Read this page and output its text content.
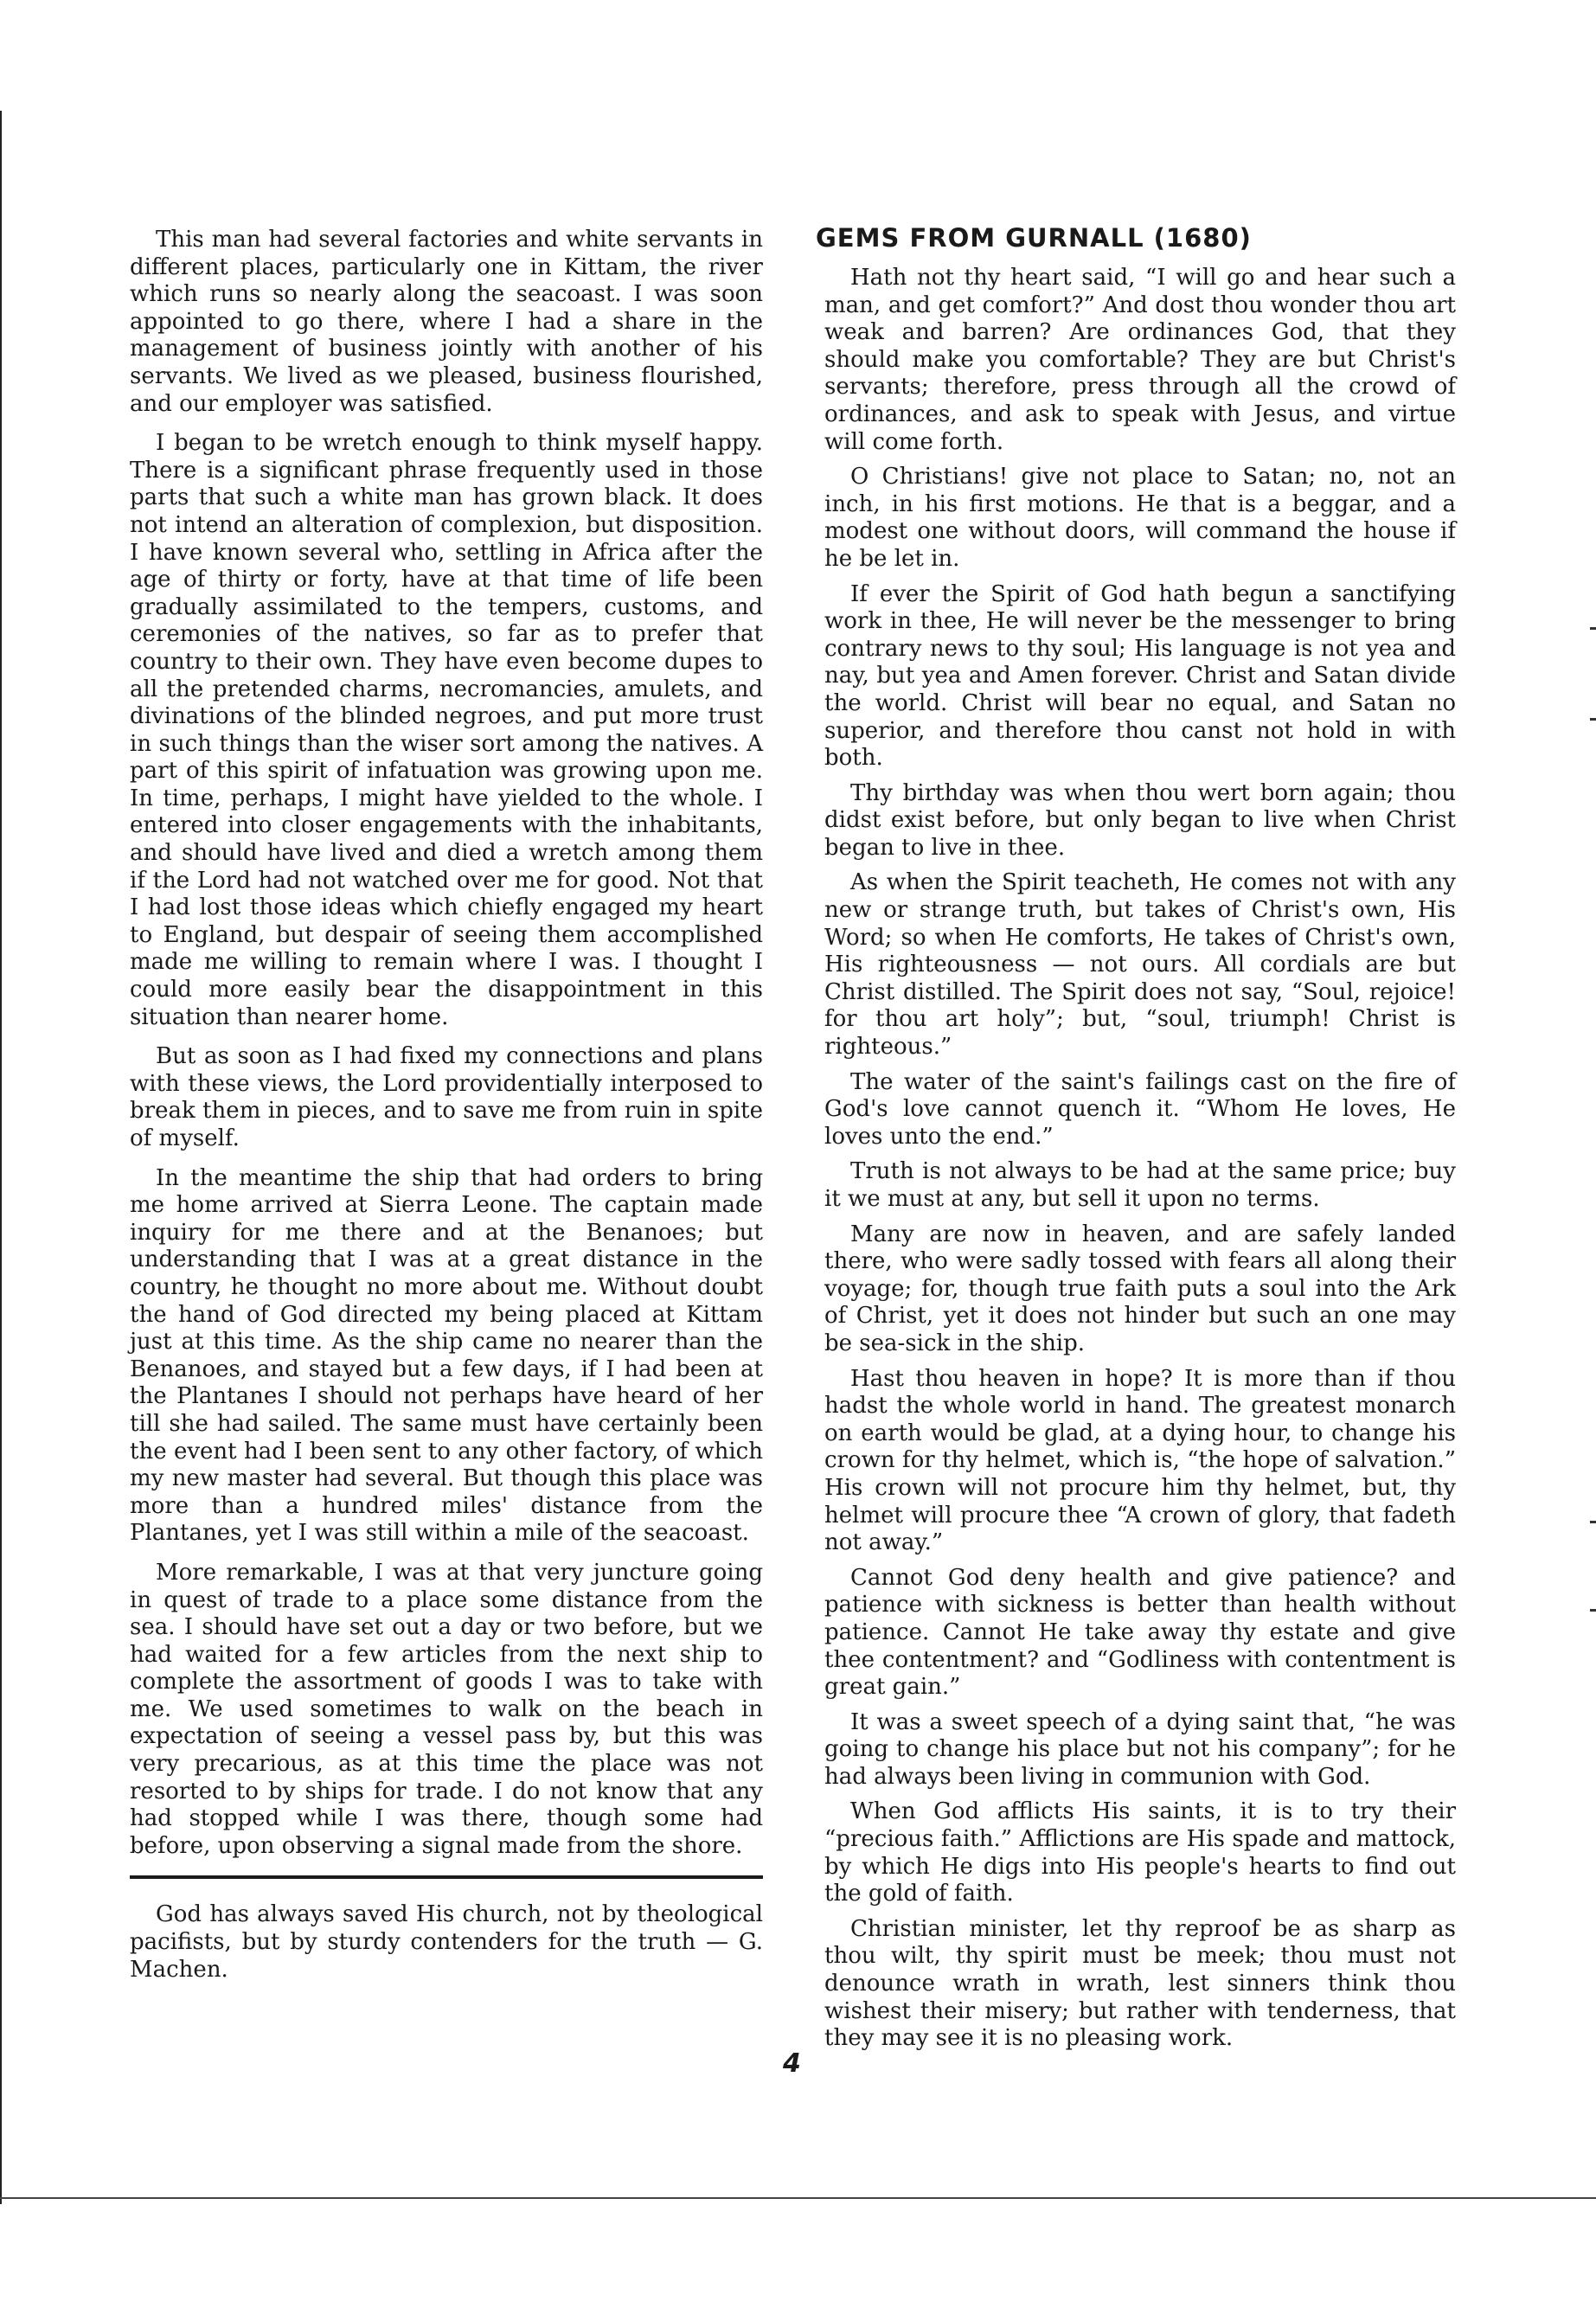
This man had several factories and white servants in different places, particularly one in Kittam, the river which runs so nearly along the seacoast. I was soon appointed to go there, where I had a share in the management of business jointly with another of his servants. We lived as we pleased, business flourished, and our employer was satisfied.

I began to be wretch enough to think myself happy. There is a significant phrase frequently used in those parts that such a white man has grown black. It does not intend an alteration of complexion, but disposition. I have known several who, settling in Africa after the age of thirty or forty, have at that time of life been gradually assimilated to the tempers, customs, and ceremonies of the natives, so far as to prefer that country to their own. They have even become dupes to all the pretended charms, necromancies, amulets, and divinations of the blinded negroes, and put more trust in such things than the wiser sort among the natives. A part of this spirit of infatuation was growing upon me. In time, perhaps, I might have yielded to the whole. I entered into closer engagements with the inhabitants, and should have lived and died a wretch among them if the Lord had not watched over me for good. Not that I had lost those ideas which chiefly engaged my heart to England, but despair of seeing them accomplished made me willing to remain where I was. I thought I could more easily bear the disappointment in this situation than nearer home.

But as soon as I had fixed my connections and plans with these views, the Lord providentially interposed to break them in pieces, and to save me from ruin in spite of myself.

In the meantime the ship that had orders to bring me home arrived at Sierra Leone. The captain made inquiry for me there and at the Benanoes; but understanding that I was at a great distance in the country, he thought no more about me. Without doubt the hand of God directed my being placed at Kittam just at this time. As the ship came no nearer than the Benanoes, and stayed but a few days, if I had been at the Plantanes I should not perhaps have heard of her till she had sailed. The same must have certainly been the event had I been sent to any other factory, of which my new master had several. But though this place was more than a hundred miles' distance from the Plantanes, yet I was still within a mile of the seacoast.

More remarkable, I was at that very juncture going in quest of trade to a place some distance from the sea. I should have set out a day or two before, but we had waited for a few articles from the next ship to complete the assortment of goods I was to take with me. We used sometimes to walk on the beach in expectation of seeing a vessel pass by, but this was very precarious, as at this time the place was not resorted to by ships for trade. I do not know that any had stopped while I was there, though some had before, upon observing a signal made from the shore.

God has always saved His church, not by theological pacifists, but by sturdy contenders for the truth — G. Machen.

GEMS FROM GURNALL (1680)

Hath not thy heart said, “I will go and hear such a man, and get comfort?” And dost thou wonder thou art weak and barren? Are ordinances God, that they should make you comfortable? They are but Christ's servants; therefore, press through all the crowd of ordinances, and ask to speak with Jesus, and virtue will come forth.

O Christians! give not place to Satan; no, not an inch, in his first motions. He that is a beggar, and a modest one without doors, will command the house if he be let in.

If ever the Spirit of God hath begun a sanctifying work in thee, He will never be the messenger to bring contrary news to thy soul; His language is not yea and nay, but yea and Amen forever. Christ and Satan divide the world. Christ will bear no equal, and Satan no superior, and therefore thou canst not hold in with both.

Thy birthday was when thou wert born again; thou didst exist before, but only began to live when Christ began to live in thee.

As when the Spirit teacheth, He comes not with any new or strange truth, but takes of Christ's own, His Word; so when He comforts, He takes of Christ's own, His righteousness — not ours. All cordials are but Christ distilled. The Spirit does not say, “Soul, rejoice! for thou art holy”; but, “soul, triumph! Christ is righteous.”

The water of the saint's failings cast on the fire of God's love cannot quench it. “Whom He loves, He loves unto the end.”

Truth is not always to be had at the same price; buy it we must at any, but sell it upon no terms.

Many are now in heaven, and are safely landed there, who were sadly tossed with fears all along their voyage; for, though true faith puts a soul into the Ark of Christ, yet it does not hinder but such an one may be sea-sick in the ship.

Hast thou heaven in hope? It is more than if thou hadst the whole world in hand. The greatest monarch on earth would be glad, at a dying hour, to change his crown for thy helmet, which is, “the hope of salvation.” His crown will not procure him thy helmet, but, thy helmet will procure thee “A crown of glory, that fadeth not away.”

Cannot God deny health and give patience? and patience with sickness is better than health without patience. Cannot He take away thy estate and give thee contentment? and “Godliness with contentment is great gain.”

It was a sweet speech of a dying saint that, “he was going to change his place but not his company”; for he had always been living in communion with God.

When God afflicts His saints, it is to try their “precious faith.” Afflictions are His spade and mattock, by which He digs into His people's hearts to find out the gold of faith.

Christian minister, let thy reproof be as sharp as thou wilt, thy spirit must be meek; thou must not denounce wrath in wrath, lest sinners think thou wishest their misery; but rather with tenderness, that they may see it is no pleasing work.

4
